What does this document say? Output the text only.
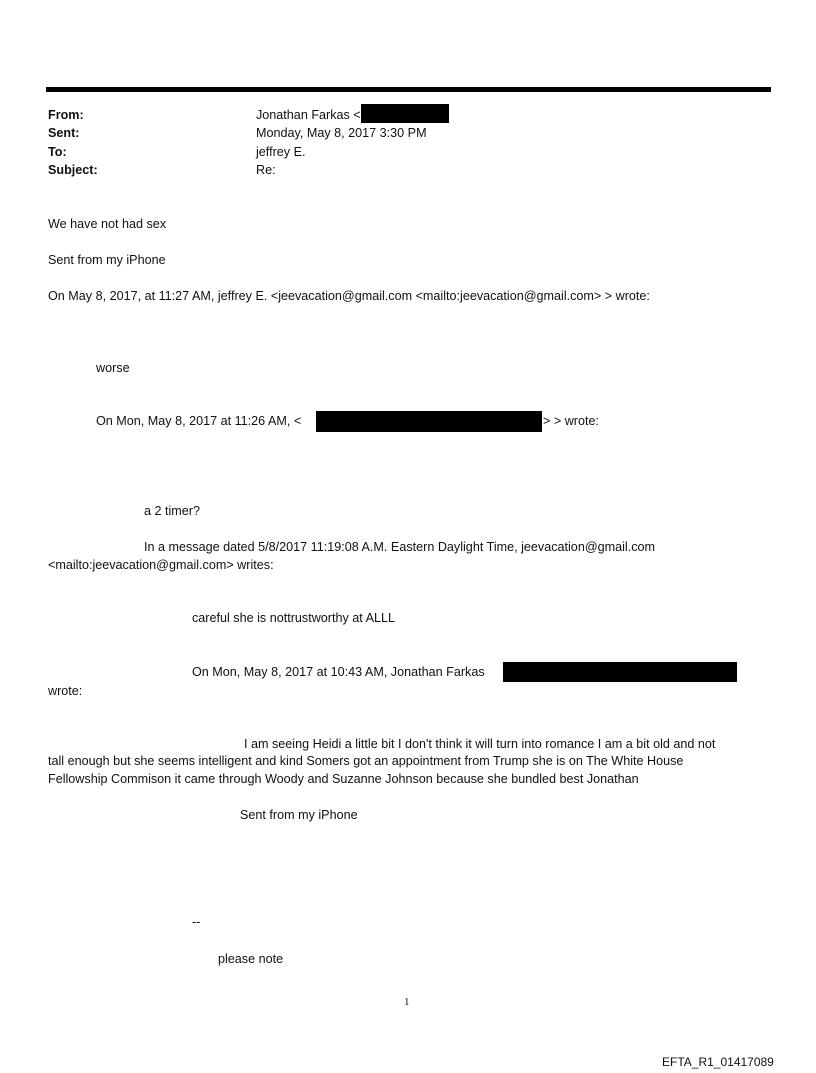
From:	Jonathan Farkas <
Sent:	Monday, May 8, 2017 3:30 PM
To:	jeffrey E.
Subject:	Re:
We have not had sex
Sent from my iPhone
On May 8, 2017, at 11:27 AM, jeffrey E. <jeevacation@gmail.com <mailto:jeevacation@gmail.com> > wrote:
worse
On Mon, May 8, 2017 at 11:26 AM, <	> > wrote:
a 2 timer?
In a message dated 5/8/2017 11:19:08 A.M. Eastern Daylight Time, jeevacation@gmail.com
<mailto:jeevacation@gmail.com> writes:
careful she is nottrustworthy at ALLL
On Mon, May 8, 2017 at 10:43 AM, Jonathan Farkas
wrote:
I am seeing Heidi a little bit I don't think it will turn into romance I am a bit old and not
tall enough but she seems intelligent and kind Somers got an appointment from Trump she is on The White House
Fellowship Commison it came through Woody and Suzanne Johnson because she bundled best Jonathan
Sent from my iPhone
--
please note
1
EFTA_R1_01417089
